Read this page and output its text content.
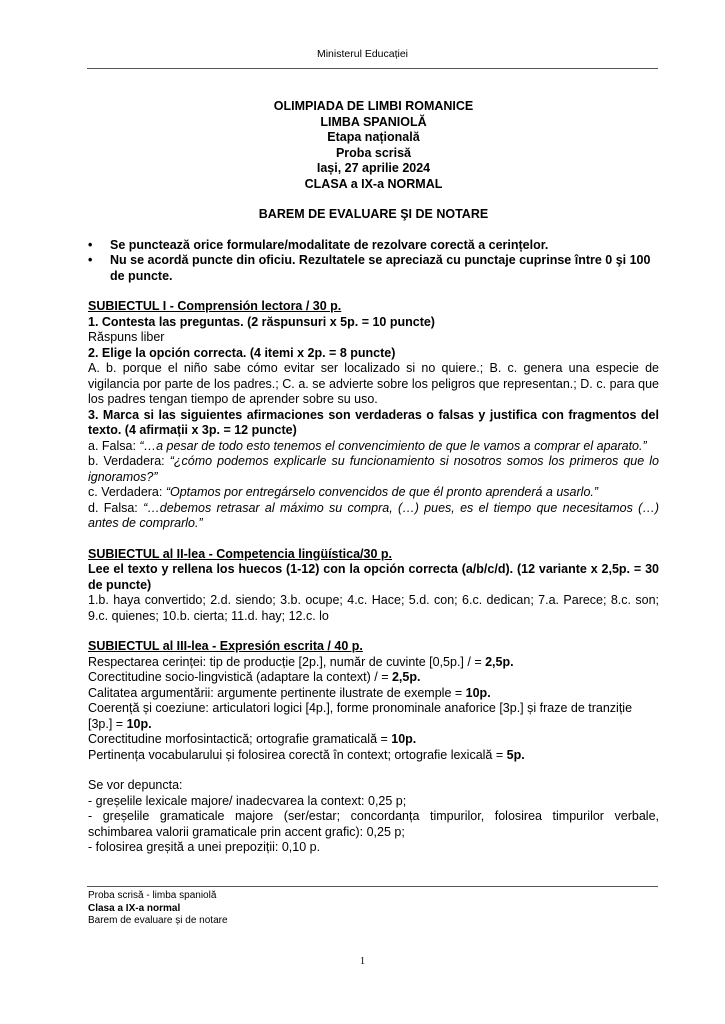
Ministerul Educației
OLIMPIADA DE LIMBI ROMANICE
LIMBA SPANIOLĂ
Etapa națională
Proba scrisă
Iași, 27 aprilie 2024
CLASA a IX-a NORMAL
BAREM DE EVALUARE ŞI DE NOTARE
• Se punctează orice formulare/modalitate de rezolvare corectă a cerințelor.
• Nu se acordă puncte din oficiu. Rezultatele se apreciază cu punctaje cuprinse între 0 şi 100 de puncte.
SUBIECTUL I - Comprensión lectora / 30 p.
1. Contesta las preguntas. (2 răspunsuri x 5p. = 10 puncte)
Răspuns liber
2. Elige la opción correcta. (4 itemi x 2p. = 8 puncte)
A. b. porque el niño sabe cómo evitar ser localizado si no quiere.; B. c. genera una especie de vigilancia por parte de los padres.; C. a. se advierte sobre los peligros que representan.; D. c. para que los padres tengan tiempo de aprender sobre su uso.
3. Marca si las siguientes afirmaciones son verdaderas o falsas y justifica con fragmentos del texto. (4 afirmații x 3p. = 12 puncte)
a. Falsa: “…a pesar de todo esto tenemos el convencimiento de que le vamos a comprar el aparato.”
b. Verdadera: “¿cómo podemos explicarle su funcionamiento si nosotros somos los primeros que lo ignoramos?”
c. Verdadera: “Optamos por entregárselo convencidos de que él pronto aprenderá a usarlo.”
d. Falsa: “…debemos retrasar al máximo su compra, (…) pues, es el tiempo que necesitamos (…) antes de comprarlo.”
SUBIECTUL al II-lea - Competencia lingüística/30 p.
Lee el texto y rellena los huecos (1-12) con la opción correcta (a/b/c/d). (12 variante x 2,5p. = 30 de puncte)
1.b. haya convertido; 2.d. siendo; 3.b. ocupe; 4.c. Hace; 5.d. con; 6.c. dedican; 7.a. Parece; 8.c. son; 9.c. quienes; 10.b. cierta; 11.d. hay; 12.c. lo
SUBIECTUL al III-lea - Expresión escrita / 40 p.
Respectarea cerinței: tip de producție [2p.], număr de cuvinte [0,5p.] / = 2,5p.
Corectitudine socio-lingvistică (adaptare la context) / = 2,5p.
Calitatea argumentării: argumente pertinente ilustrate de exemple = 10p.
Coerență și coeziune: articulatori logici [4p.], forme pronominale anaforice [3p.] și fraze de tranziție [3p.] = 10p.
Corectitudine morfosintactică; ortografie gramaticală = 10p.
Pertinența vocabularului și folosirea corectă în context; ortografie lexicală = 5p.
Se vor depuncta:
- greșelile lexicale majore/ inadecvarea la context: 0,25 p;
- greșelile gramaticale majore (ser/estar; concordanța timpurilor, folosirea timpurilor verbale, schimbarea valorii gramaticale prin accent grafic): 0,25 p;
- folosirea greșită a unei prepoziții: 0,10 p.
Proba scrisă - limba spaniolă
Clasa a IX-a normal
Barem de evaluare și de notare
1
